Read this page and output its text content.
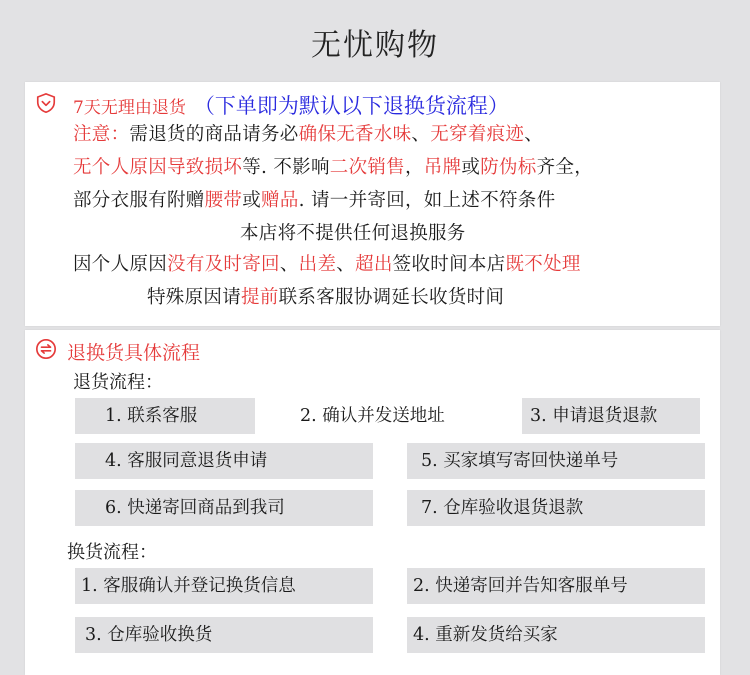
无忧购物
7天无理由退货 （下单即为默认以下退换货流程）
注意：需退货的商品请务必确保无香水味、无穿着痕迹、
无个人原因导致损坏等. 不影响二次销售，吊牌或防伪标齐全，
部分衣服有附赠腰带或赠品. 请一并寄回，如上述不符条件
本店将不提供任何退换服务
因个人原因没有及时寄回、出差、超出签收时间本店既不处理
特殊原因请提前联系客服协调延长收货时间
退换货具体流程
退货流程：
1. 联系客服	2. 确认并发送地址	3. 申请退货退款
4. 客服同意退货申请	5. 买家填写寄回快递单号
6. 快递寄回商品到我司	7. 仓库验收退货退款
换货流程：
1. 客服确认并登记换货信息	2. 快递寄回并告知客服单号
3. 仓库验收换货	4. 重新发货给买家
